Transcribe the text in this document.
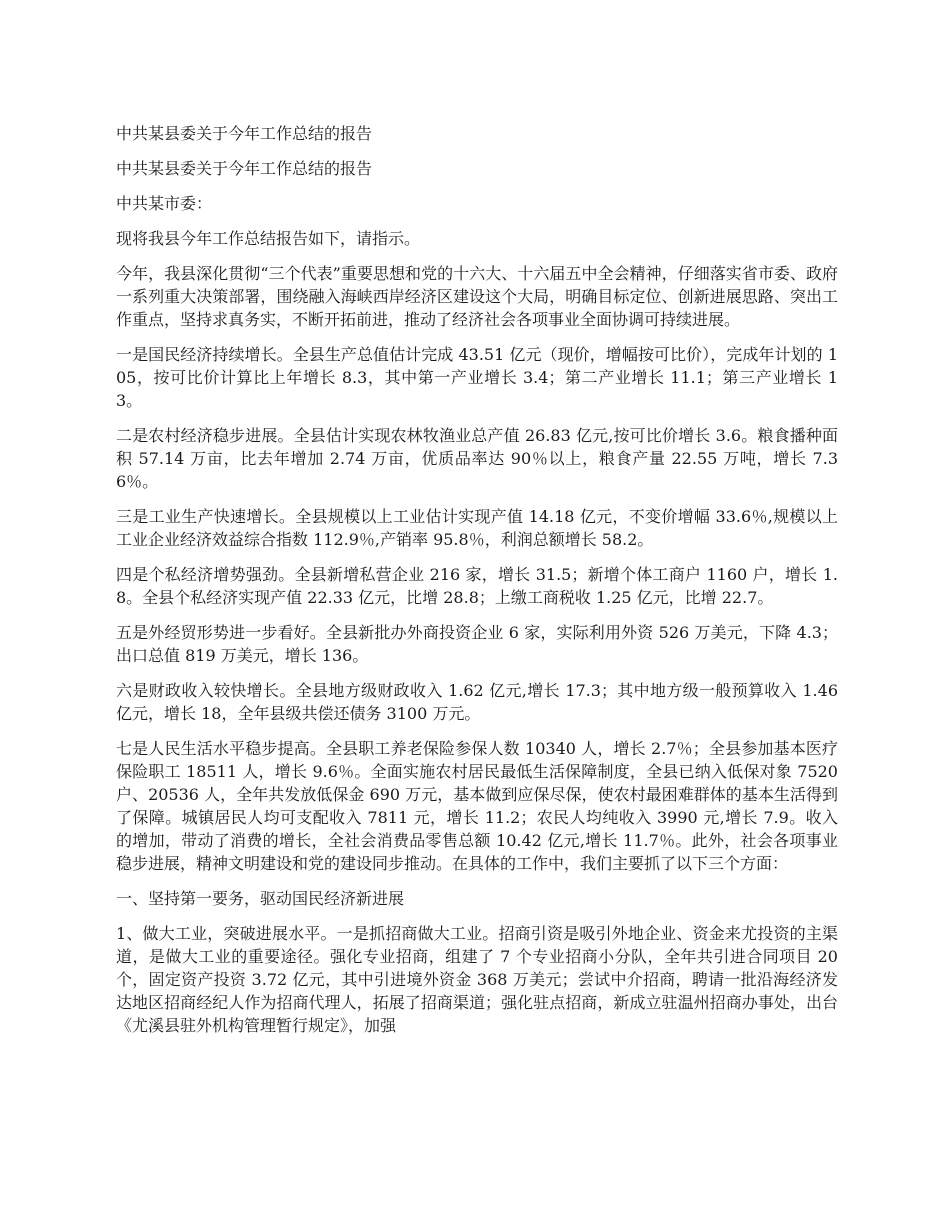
中共某县委关于今年工作总结的报告

中共某县委关于今年工作总结的报告

中共某市委：

现将我县今年工作总结报告如下，请指示。

今年，我县深化贯彻“三个代表”重要思想和党的十六大、十六届五中全会精神，仔细落实省市委、政府一系列重大决策部署，围绕融入海峡西岸经济区建设这个大局，明确目标定位、创新进展思路、突出工作重点，坚持求真务实，不断开拓前进，推动了经济社会各项事业全面协调可持续进展。

一是国民经济持续增长。全县生产总值估计完成 43.51 亿元（现价，增幅按可比价），完成年计划的 105，按可比价计算比上年增长 8.3，其中第一产业增长 3.4；第二产业增长 11.1；第三产业增长 13。

二是农村经济稳步进展。全县估计实现农林牧渔业总产值 26.83 亿元,按可比价增长 3.6。粮食播种面积 57.14 万亩，比去年增加 2.74 万亩，优质品率达 90％以上，粮食产量 22.55 万吨，增长 7.36％。

三是工业生产快速增长。全县规模以上工业估计实现产值 14.18 亿元，不变价增幅 33.6％,规模以上工业企业经济效益综合指数 112.9％,产销率 95.8％，利润总额增长 58.2。

四是个私经济增势强劲。全县新增私营企业 216 家，增长 31.5；新增个体工商户 1160 户，增长 1.8。全县个私经济实现产值 22.33 亿元，比增 28.8；上缴工商税收 1.25 亿元，比增 22.7。

五是外经贸形势进一步看好。全县新批办外商投资企业 6 家，实际利用外资 526 万美元，下降 4.3；出口总值 819 万美元，增长 136。

六是财政收入较快增长。全县地方级财政收入 1.62 亿元,增长 17.3；其中地方级一般预算收入 1.46 亿元，增长 18，全年县级共偿还债务 3100 万元。

七是人民生活水平稳步提高。全县职工养老保险参保人数 10340 人，增长 2.7％；全县参加基本医疗保险职工 18511 人，增长 9.6％。全面实施农村居民最低生活保障制度，全县已纳入低保对象 7520 户、20536 人，全年共发放低保金 690 万元，基本做到应保尽保，使农村最困难群体的基本生活得到了保障。城镇居民人均可支配收入 7811 元，增长 11.2；农民人均纯收入 3990 元,增长 7.9。收入的增加，带动了消费的增长，全社会消费品零售总额 10.42 亿元,增长 11.7％。此外，社会各项事业稳步进展，精神文明建设和党的建设同步推动。在具体的工作中，我们主要抓了以下三个方面：

一、坚持第一要务，驱动国民经济新进展

1、做大工业，突破进展水平。一是抓招商做大工业。招商引资是吸引外地企业、资金来尤投资的主渠道，是做大工业的重要途径。强化专业招商，组建了 7 个专业招商小分队，全年共引进合同项目 20 个，固定资产投资 3.72 亿元，其中引进境外资金 368 万美元；尝试中介招商，聘请一批沿海经济发达地区招商经纪人作为招商代理人，拓展了招商渠道；强化驻点招商，新成立驻温州招商办事处，出台《尤溪县驻外机构管理暂行规定》，加强
